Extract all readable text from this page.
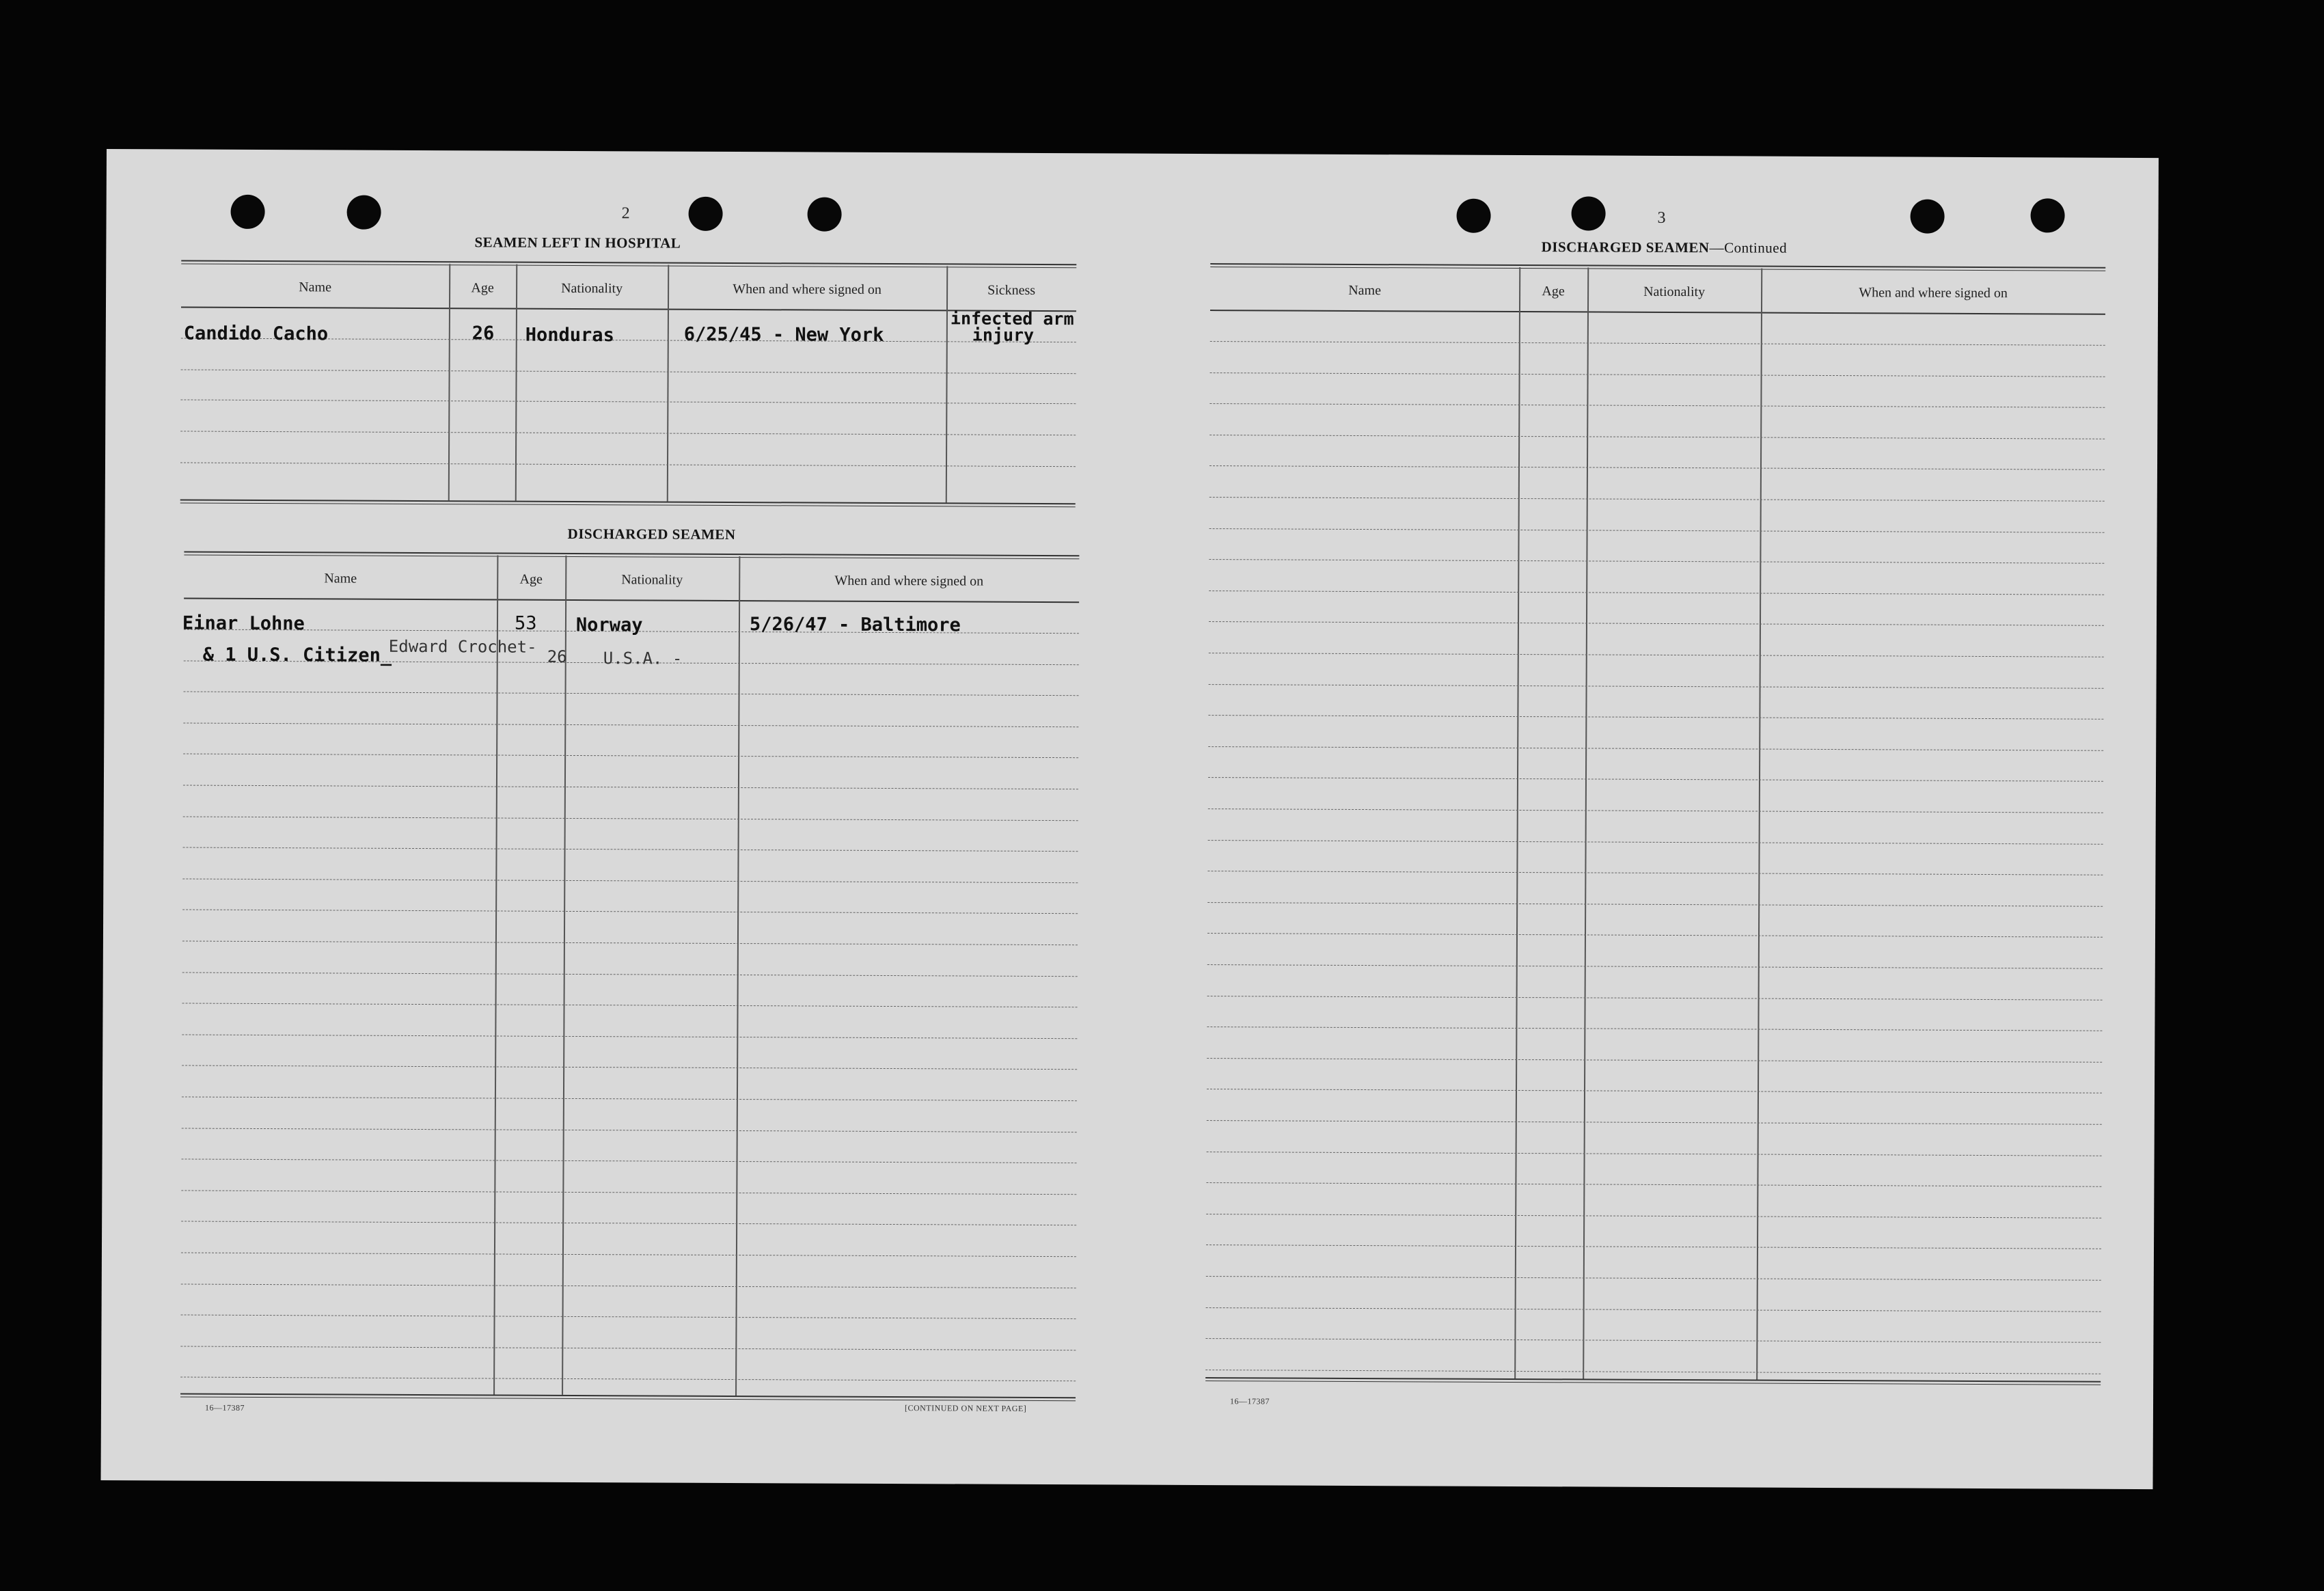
2
SEAMEN LEFT IN HOSPITAL
Name	Age	Nationality	When and where signed on	Sickness
Candido Cacho	26 Honduras	6/25/45 - New York
infected arm
injury
DISCHARGED SEAMEN
Name	Age	Nationality	When and where signed on
Einar Lohne	53 Norway	5/26/47 - Baltimore
& 1 U.S. Citizen_
Edward Crochet-
26 U.S.A. -
16—17387	[CONTINUED ON NEXT PAGE]
3
DISCHARGED SEAMEN—Continued
Name	Age	Nationality	When and where signed on
16—17387
